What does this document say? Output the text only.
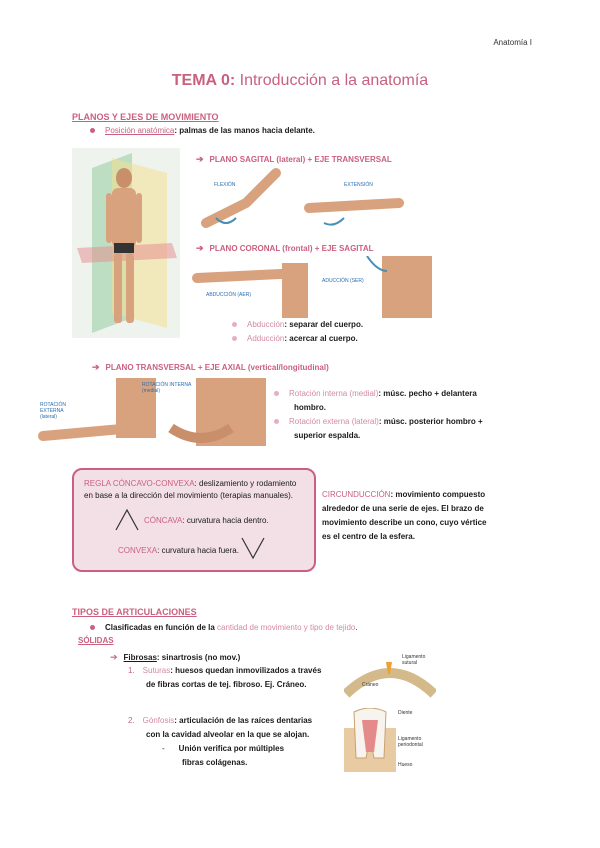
Anatomía I
TEMA 0: Introducción a la anatomía
PLANOS Y EJES DE MOVIMIENTO
Posición anatómica: palmas de las manos hacia delante.
➔ PLANO SAGITAL (lateral) + EJE TRANSVERSAL
FLEXIÓN	EXTENSIÓN
➔ PLANO CORONAL (frontal) + EJE SAGITAL
ABDUCCIÓN (AER)
ADUCCIÓN (SER)
Abducción: separar del cuerpo.
Adducción: acercar al cuerpo.
➔ PLANO TRANSVERSAL + EJE AXIAL (vertical/longitudinal)
ROTACIÓN EXTERNA (lateral)
ROTACIÓN INTERNA (medial)	Rotación interna (medial): músc. pecho + delantera
hombro.
Rotación externa (lateral): músc. posterior hombro +
superior espalda.
REGLA CÓNCAVO-CONVEXA: deslizamiento y rodamiento
en base a la dirección del movimiento (terapias manuales).
CÓNCAVA: curvatura hacia dentro.
CONVEXA: curvatura hacia fuera.
CIRCUNDUCCIÓN: movimiento compuesto
alrededor de una serie de ejes. El brazo de
movimiento describe un cono, cuyo vértice
es el centro de la esfera.
TIPOS DE ARTICULACIONES
Clasificadas en función de la cantidad de movimiento y tipo de tejido.
SÓLIDAS
➔ Fibrosas: sinartrosis (no mov.)
1. Suturas: huesos quedan inmovilizados a través
de fibras cortas de tej. fibroso. Ej. Cráneo.
Ligamento sutural
Cráneo
2. Gónfosis: articulación de las raíces dentarias
con la cavidad alveolar en la que se alojan.
- Unión verifica por múltiples
fibras colágenas.
Diente
Ligamento periodontal
Hueso
